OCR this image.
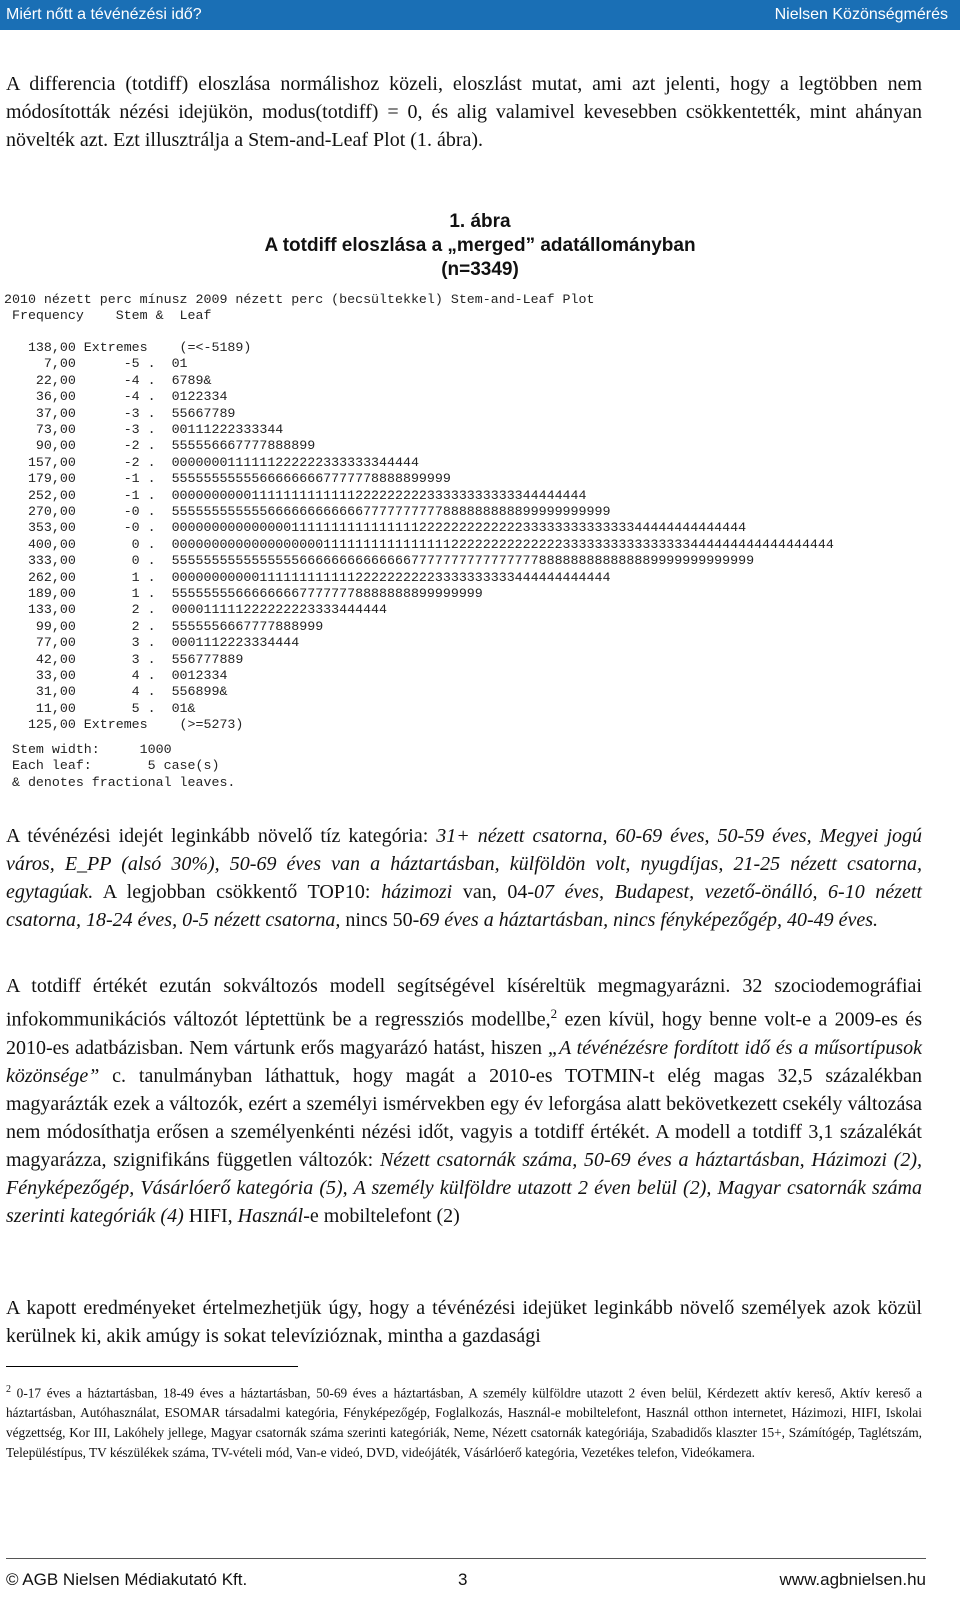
Miért nőtt a tévénézési idő?	Nielsen Közönségmérés

A differencia (totdiff) eloszlása normálishoz közeli, eloszlást mutat, ami azt jelenti, hogy a legtöbben nem módosították nézési idejükön, modus(totdiff) = 0, és alig valamivel kevesebben csökkentették, mint ahányan növelték azt. Ezt illusztrálja a Stem-and-Leaf Plot (1. ábra).

1. ábra
A totdiff eloszlása a „merged” adatállományban
(n=3349)
2010 nézett perc mínusz 2009 nézett perc (becsültekkel) Stem-and-Leaf Plot
Frequency    Stem &  Leaf
138,00 Extremes    (=<-5189)
7,00      -5 .  01
22,00      -4 .  6789&
36,00      -4 .  0122334
37,00      -3 .  55667789
73,00      -3 .  00111222333344
90,00      -2 .  555556667777888899
157,00      -2 .  0000000111111222222333333344444
179,00      -1 .  55555555555666666667777778888899999
252,00      -1 .  0000000000111111111111122222222233333333333344444444
270,00      -0 .  5555555555556666666666667777777777888888888899999999999
353,00      -0 .  000000000000000111111111111111122222222222223333333333333344444444444444
400,00       0 .  00000000000000000001111111111111111222222222222223333333333333333444444444444444444
333,00       0 .  5555555555555555666666666666667777777777777777888888888888889999999999999
262,00       1 .  0000000000011111111111122222222223333333333444444444444
189,00       1 .  555555556666666677777778888888899999999
133,00       2 .  000011111222222223333444444
99,00       2 .  5555556667777888999
77,00       3 .  0001112223334444
42,00       3 .  556777889
33,00       4 .  0012334
31,00       4 .  556899&
11,00       5 .  01&
125,00 Extremes    (>=5273)
Stem width:     1000
Each leaf:       5 case(s)
& denotes fractional leaves.

A tévénézési idejét leginkább növelő tíz kategória: 31+ nézett csatorna, 60-69 éves, 50-59 éves, Megyei jogú város, E_PP (alsó 30%), 50-69 éves van a háztartásban, külföldön volt, nyugdíjas, 21-25 nézett csatorna, egytagúak. A legjobban csökkentő TOP10: házimozi van, 04-07 éves, Budapest, vezető-önálló, 6-10 nézett csatorna, 18-24 éves, 0-5 nézett csatorna, nincs 50-69 éves a háztartásban, nincs fényképezőgép, 40-49 éves.

A totdiff értékét ezután sokváltozós modell segítségével kíséreltük megmagyarázni. 32 szociodemográfiai infokommunikációs változót léptettünk be a regressziós modellbe,$^2$ ezen kívül, hogy benne volt-e a 2009-es és 2010-es adatbázisban. Nem vártunk erős magyarázó hatást, hiszen „A tévénézésre fordított idő és a műsortípusok közönsége” c. tanulmányban láthattuk, hogy magát a 2010-es TOTMIN-t elég magas 32,5 százalékban magyarázták ezek a változók, ezért a személyi ismérvekben egy év leforgása alatt bekövetkezett csekély változása nem módosíthatja erősen a személyenkénti nézési időt, vagyis a totdiff értékét. A modell a totdiff 3,1 százalékát magyarázza, szignifikáns független változók: Nézett csatornák száma, 50-69 éves a háztartásban, Házimozi (2), Fényképezőgép, Vásárlóerő kategória (5), A személy külföldre utazott 2 éven belül (2), Magyar csatornák száma szerinti kategóriák (4) HIFI, Használ-e mobiltelefont (2)

A kapott eredményeket értelmezhetjük úgy, hogy a tévénézési idejüket leginkább növelő személyek azok közül kerülnek ki, akik amúgy is sokat televízióznak, mintha a gazdasági

$^2$ 0-17 éves a háztartásban, 18-49 éves a háztartásban, 50-69 éves a háztartásban, A személy külföldre utazott 2 éven belül, Kérdezett aktív kereső, Aktív kereső a háztartásban, Autóhasználat, ESOMAR társadalmi kategória, Fényképezőgép, Foglalkozás, Használ-e mobiltelefont, Használ otthon internetet, Házimozi, HIFI, Iskolai végzettség, Kor III, Lakóhely jellege, Magyar csatornák száma szerinti kategóriák, Neme, Nézett csatornák kategóriája, Szabadidős klaszter 15+, Számítógép, Taglétszám, Településtípus, TV készülékek száma, TV-vételi mód, Van-e videó, DVD, videójáték, Vásárlóerő kategória, Vezetékes telefon, Videókamera.

© AGB Nielsen Médiakutató Kft.	3	www.agbnielsen.hu
